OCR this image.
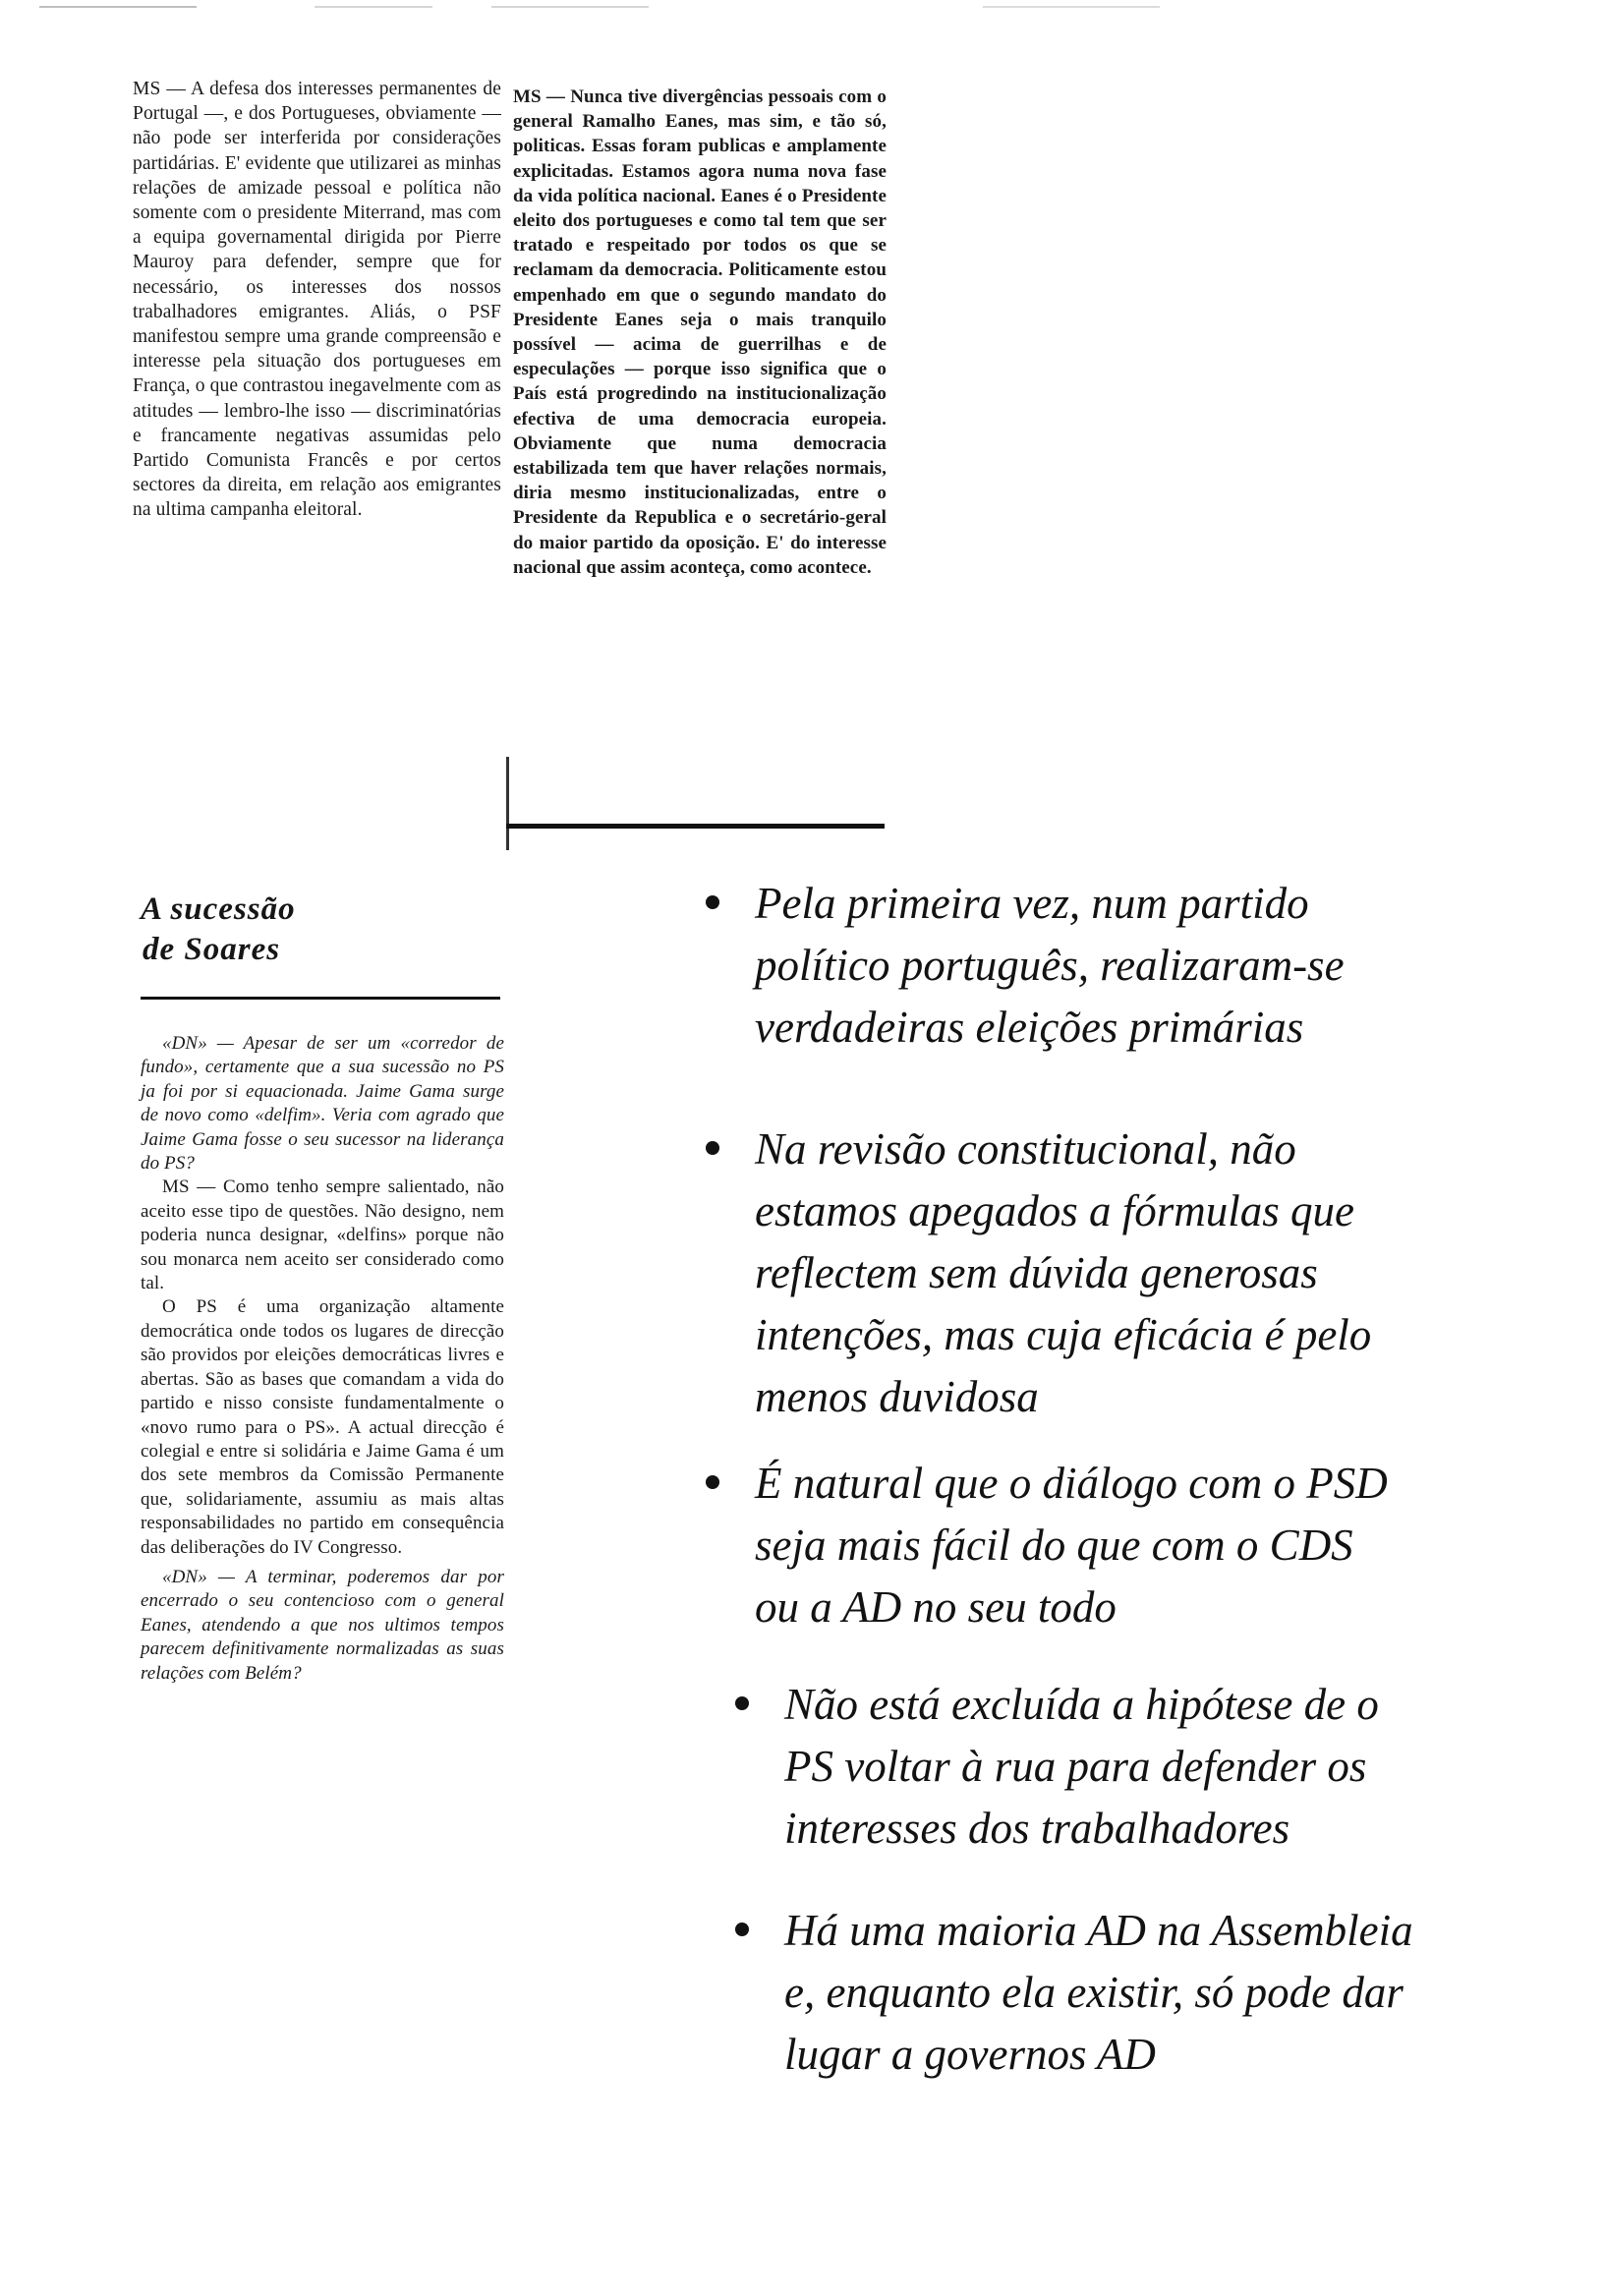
MS — A defesa dos interesses permanentes de Portugal —, e dos Portugueses, obviamente — não pode ser interferida por considerações partidárias. E' evidente que utilizarei as minhas relações de amizade pessoal e política não somente com o presidente Miterrand, mas com a equipa governamental dirigida por Pierre Mauroy para defender, sempre que for necessário, os interesses dos nossos trabalhadores emigrantes. Aliás, o PSF manifestou sempre uma grande compreensão e interesse pela situação dos portugueses em França, o que contrastou inegavelmente com as atitudes — lembro-lhe isso — discriminatórias e francamente negativas assumidas pelo Partido Comunista Francês e por certos sectores da direita, em relação aos emigrantes na ultima campanha eleitoral.

MS — Nunca tive divergências pessoais com o general Ramalho Eanes, mas sim, e tão só, politicas. Essas foram publicas e amplamente explicitadas. Estamos agora numa nova fase da vida política nacional. Eanes é o Presidente eleito dos portugueses e como tal tem que ser tratado e respeitado por todos os que se reclamam da democracia. Politicamente estou empenhado em que o segundo mandato do Presidente Eanes seja o mais tranquilo possível — acima de guerrilhas e de especulações — porque isso significa que o País está progredindo na institucionalização efectiva de uma democracia europeia. Obviamente que numa democracia estabilizada tem que haver relações normais, diria mesmo institucionalizadas, entre o Presidente da Republica e o secretário-geral do maior partido da oposição. E' do interesse nacional que assim aconteça, como acontece.

A sucessão
de Soares

«DN» — Apesar de ser um «corredor de fundo», certamente que a sua sucessão no PS ja foi por si equacionada. Jaime Gama surge de novo como «delfim». Veria com agrado que Jaime Gama fosse o seu sucessor na liderança do PS?

MS — Como tenho sempre salientado, não aceito esse tipo de questões. Não designo, nem poderia nunca designar, «delfins» porque não sou monarca nem aceito ser considerado como tal.

O PS é uma organização altamente democrática onde todos os lugares de direcção são providos por eleições democráticas livres e abertas. São as bases que comandam a vida do partido e nisso consiste fundamentalmente o «novo rumo para o PS». A actual direcção é colegial e entre si solidária e Jaime Gama é um dos sete membros da Comissão Permanente que, solidariamente, assumiu as mais altas responsabilidades no partido em consequência das deliberações do IV Congresso.

«DN» — A terminar, poderemos dar por encerrado o seu contencioso com o general Eanes, atendendo a que nos ultimos tempos parecem definitivamente normalizadas as suas relações com Belém?

Pela primeira vez, num partido político português, realizaram-se verdadeiras eleições primárias
Na revisão constitucional, não estamos apegados a fórmulas que reflectem sem dúvida generosas intenções, mas cuja eficácia é pelo menos duvidosa
É natural que o diálogo com o PSD seja mais fácil do que com o CDS ou a AD no seu todo
Não está excluída a hipótese de o PS voltar à rua para defender os interesses dos trabalhadores
Há uma maioria AD na Assembleia e, enquanto ela existir, só pode dar lugar a governos AD
